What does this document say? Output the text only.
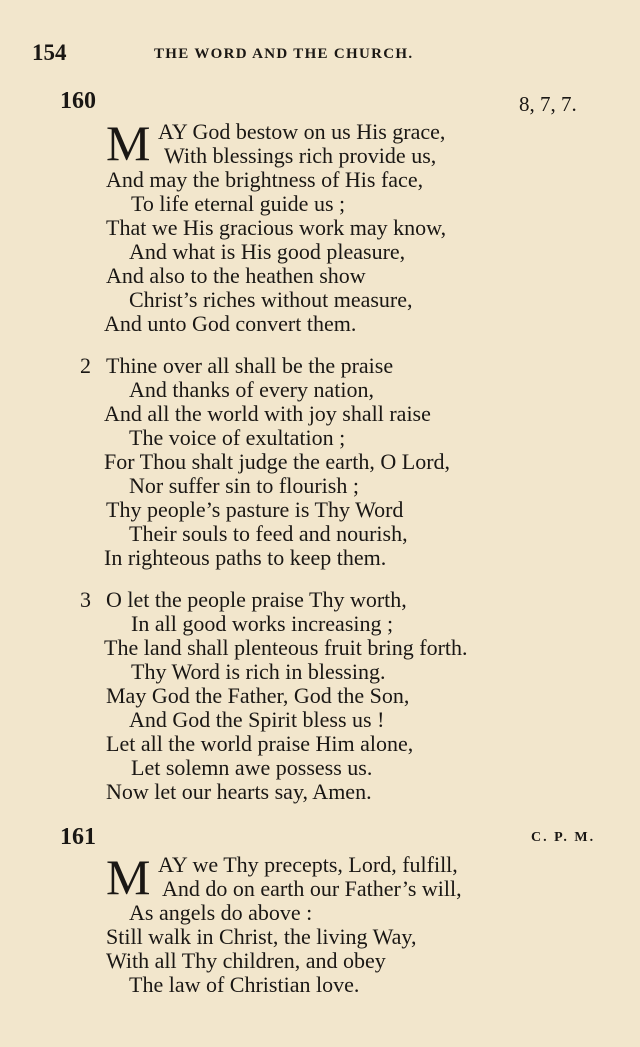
154	THE WORD AND THE CHURCH.
160	8, 7, 7.
M AY God bestow on us His grace,
With blessings rich provide us,
And may the brightness of His face,
To life eternal guide us ;
That we His gracious work may know,
And what is His good pleasure,
And also to the heathen show
Christ’s riches without measure,
And unto God convert them.
2 Thine over all shall be the praise
And thanks of every nation,
And all the world with joy shall raise
The voice of exultation ;
For Thou shalt judge the earth, O Lord,
Nor suffer sin to flourish ;
Thy people’s pasture is Thy Word
Their souls to feed and nourish,
In righteous paths to keep them.
3 O let the people praise Thy worth,
In all good works increasing ;
The land shall plenteous fruit bring forth.
Thy Word is rich in blessing.
May God the Father, God the Son,
And God the Spirit bless us !
Let all the world praise Him alone,
Let solemn awe possess us.
Now let our hearts say, Amen.
161	C. P. M.
M AY we Thy precepts, Lord, fulfill,
And do on earth our Father’s will,
As angels do above :
Still walk in Christ, the living Way,
With all Thy children, and obey
The law of Christian love.
